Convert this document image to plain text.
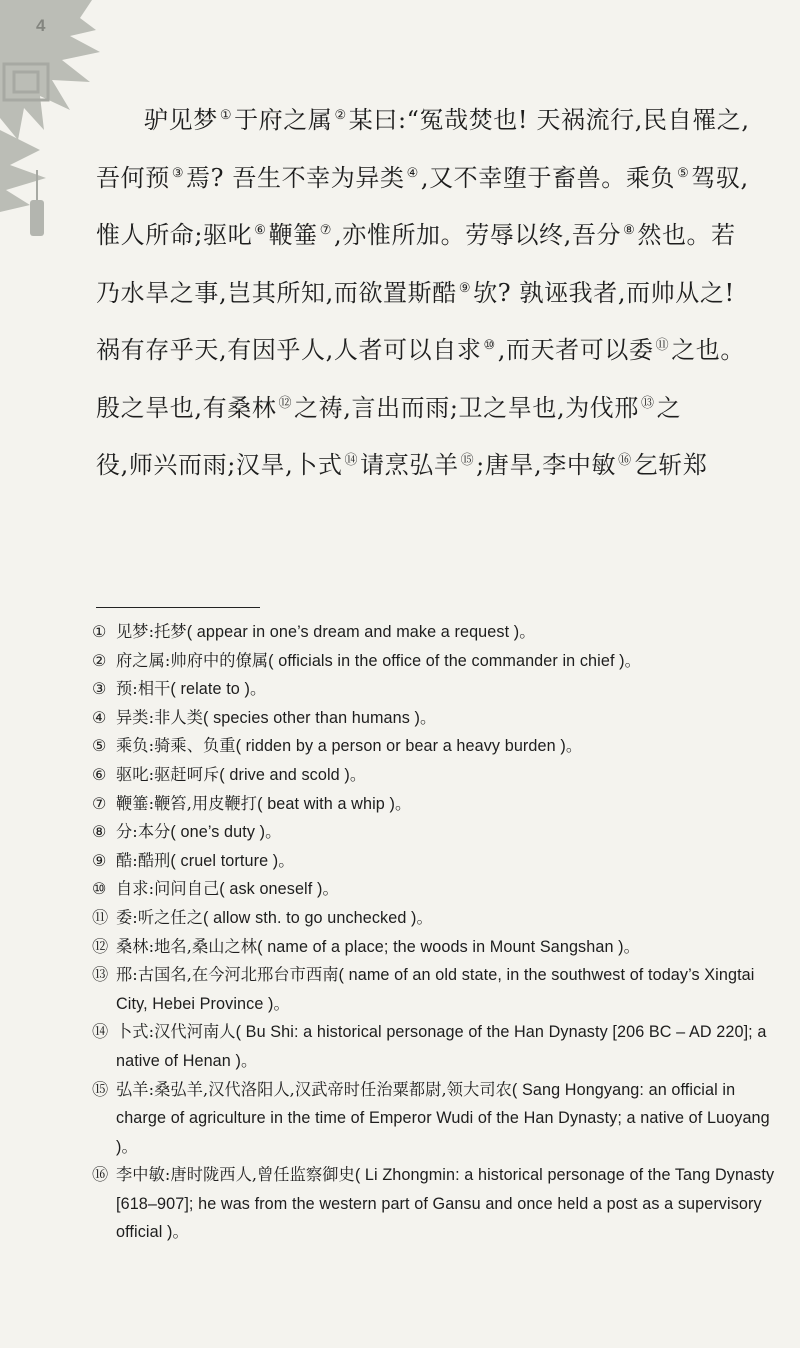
驴见梦 ①于府之属 ②某曰:“冤哉焚也! 天祸流行,民自罹之,
吾何预 ③焉? 吾生不幸为异类 ④,又不幸堕于畜兽。乘负 ⑤驾驭,
惟人所命;驱叱 ⑥鞭箠 ⑦,亦惟所加。劳辱以终,吾分 ⑧然也。若
乃水旱之事,岂其所知,而欲置斯酷 ⑨欤? 孰诬我者,而帅从之!
祸有存乎天,有因乎人,人者可以自求 ⑩,而天者可以委 ⑪之也。
殷之旱也,有桑林 ⑫之祷,言出而雨;卫之旱也,为伐邢 ⑬之
役,师兴而雨;汉旱,卜式 ⑭请烹弘羊 ⑮;唐旱,李中敏 ⑯乞斩郑
① 见梦:托梦( appear in one’s dream and make a request )。
② 府之属:帅府中的僚属( officials in the office of the commander in chief )。
③ 预:相干( relate to )。
④ 异类:非人类( species other than humans )。
⑤ 乘负:骑乘、负重( ridden by a person or bear a heavy burden )。
⑥ 驱叱:驱赶呵斥( drive and scold )。
⑦ 鞭箠:鞭笞,用皮鞭打( beat with a whip )。
⑧ 分:本分( one’s duty )。
⑨ 酷:酷刑( cruel torture )。
⑩ 自求:问问自己( ask oneself )。
⑪ 委:听之任之( allow sth. to go unchecked )。
⑫ 桑林:地名,桑山之林( name of a place; the woods in Mount Sangshan )。
⑬ 邢:古国名,在今河北邢台市西南( name of an old state, in the southwest of today’s Xingtai City, Hebei Province )。
⑭ 卜式:汉代河南人( Bu Shi: a historical personage of the Han Dynasty [206 BC – AD 220]; a native of Henan )。
⑮ 弘羊:桑弘羊,汉代洛阳人,汉武帝时任治粟都尉,领大司农( Sang Hongyang: an official in charge of agriculture in the time of Emperor Wudi of the Han Dynasty; a native of Luoyang )。
⑯ 李中敏:唐时陇西人,曾任监察御史( Li Zhongmin: a historical personage of the Tang Dynasty [618–907]; he was from the western part of Gansu and once held a post as a supervisory official )。
